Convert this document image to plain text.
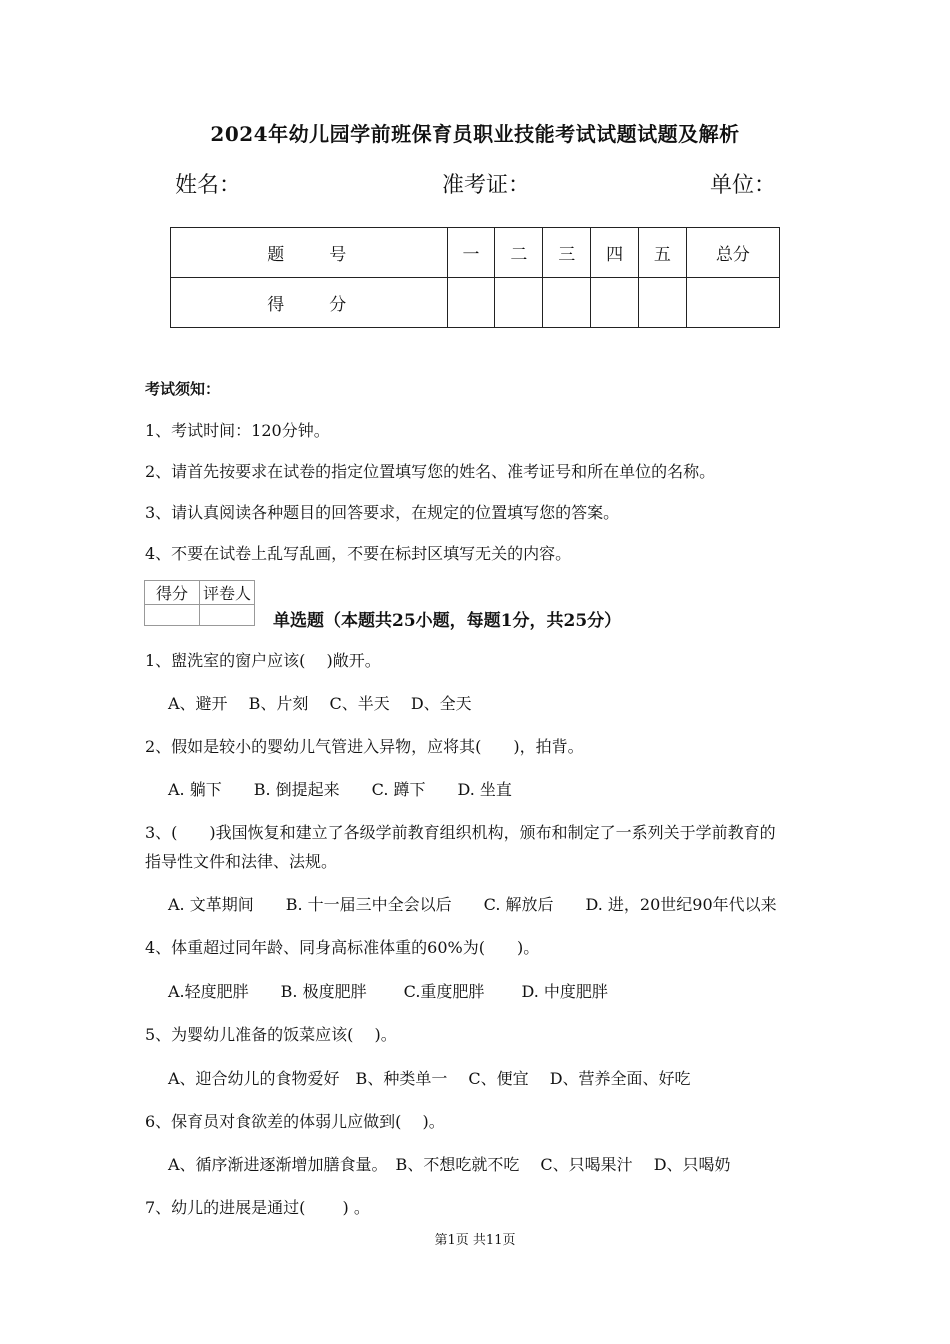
2024年幼儿园学前班保育员职业技能考试试题试题及解析
姓名：	准考证：	单位：
题　号	一	二	三	四	五	总分
得　分						
考试须知：
1、考试时间：120分钟。
2、请首先按要求在试卷的指定位置填写您的姓名、准考证号和所在单位的名称。
3、请认真阅读各种题目的回答要求，在规定的位置填写您的答案。
4、不要在试卷上乱写乱画，不要在标封区填写无关的内容。
得分	评卷人

单选题（本题共25小题，每题1分，共25分）
1、盥洗室的窗户应该(　 )敞开。
A、避开　 B、片刻　 C、半天　 D、全天
2、假如是较小的婴幼儿气管进入异物，应将其(　　)，拍背。
A. 躺下　　B. 倒提起来　　C. 蹲下　　D. 坐直
3、(　　)我国恢复和建立了各级学前教育组织机构，颁布和制定了一系列关于学前教育的
指导性文件和法律、法规。
A. 文革期间　　B. 十一届三中全会以后　　C. 解放后　　D. 进，20世纪90年代以来
4、体重超过同年龄、同身高标准体重的60%为(　　)。
A.轻度肥胖　　B. 极度肥胖　　 C.重度肥胖　　 D. 中度肥胖
5、为婴幼儿准备的饭菜应该(　 )。
A、迎合幼儿的食物爱好　B、种类单一　 C、便宜　 D、营养全面、好吃
6、保育员对食欲差的体弱儿应做到(　 )。
A、循序渐进逐渐增加膳食量。　B、不想吃就不吃　 C、只喝果汁　 D、只喝奶
7、幼儿的进展是通过(　　 ) 。
第1页 共11页
